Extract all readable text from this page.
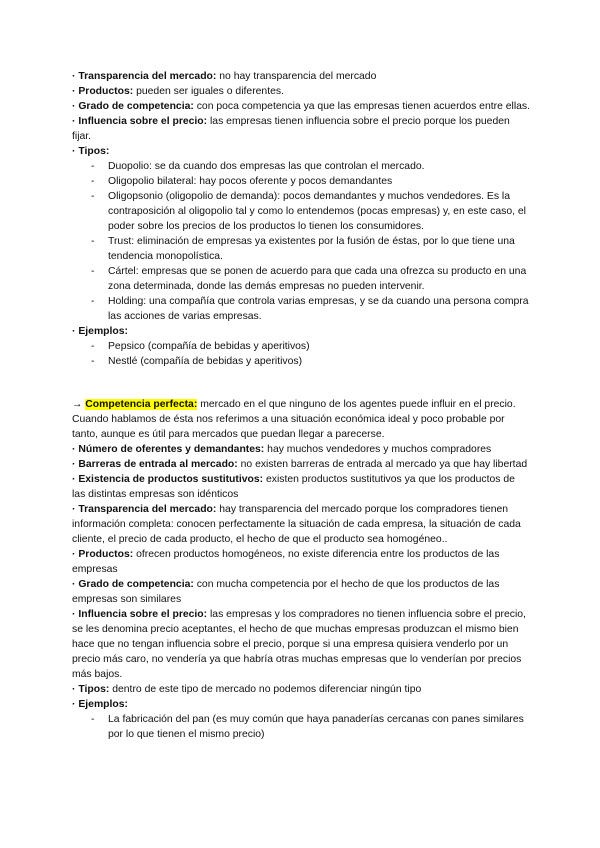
· Transparencia del mercado: no hay transparencia del mercado

· Productos: pueden ser iguales o diferentes.

· Grado de competencia: con poca competencia ya que las empresas tienen acuerdos entre ellas.

· Influencia sobre el precio: las empresas tienen influencia sobre el precio porque los pueden fijar.

· Tipos:

- Duopolio: se da cuando dos empresas las que controlan el mercado.
- Oligopolio bilateral: hay pocos oferente y pocos demandantes
- Oligopsonio (oligopolio de demanda): pocos demandantes y muchos vendedores. Es la contraposición al oligopolio tal y como lo entendemos (pocas empresas) y, en este caso, el poder sobre los precios de los productos lo tienen los consumidores.
- Trust: eliminación de empresas ya existentes por la fusión de éstas, por lo que tiene una tendencia monopolística.
- Cártel: empresas que se ponen de acuerdo para que cada una ofrezca su producto en una zona determinada, donde las demás empresas no pueden intervenir.
- Holding: una compañía que controla varias empresas, y se da cuando una persona compra las acciones de varias empresas.

· Ejemplos:

- Pepsico (compañía de bebidas y aperitivos)
- Nestlé (compañía de bebidas y aperitivos)

→ Competencia perfecta: mercado en el que ninguno de los agentes puede influir en el precio. Cuando hablamos de ésta nos referimos a una situación económica ideal y poco probable por tanto, aunque es útil para mercados que puedan llegar a parecerse.

· Número de oferentes y demandantes: hay muchos vendedores y muchos compradores

· Barreras de entrada al mercado: no existen barreras de entrada al mercado ya que hay libertad

· Existencia de productos sustitutivos: existen productos sustitutivos ya que los productos de las distintas empresas son idénticos

· Transparencia del mercado: hay transparencia del mercado porque los compradores tienen información completa: conocen perfectamente la situación de cada empresa, la situación de cada cliente, el precio de cada producto, el hecho de que el producto sea homogéneo..

· Productos: ofrecen productos homogéneos, no existe diferencia entre los productos de las empresas

· Grado de competencia: con mucha competencia por el hecho de que los productos de las empresas son similares

· Influencia sobre el precio: las empresas y los compradores no tienen influencia sobre el precio, se les denomina precio aceptantes, el hecho de que muchas empresas produzcan el mismo bien hace que no tengan influencia sobre el precio, porque si una empresa quisiera venderlo por un precio más caro, no vendería ya que habría otras muchas empresas que lo venderían por precios más bajos.

· Tipos: dentro de este tipo de mercado no podemos diferenciar ningún tipo

· Ejemplos:

- La fabricación del pan (es muy común que haya panaderías cercanas con panes similares por lo que tienen el mismo precio)
